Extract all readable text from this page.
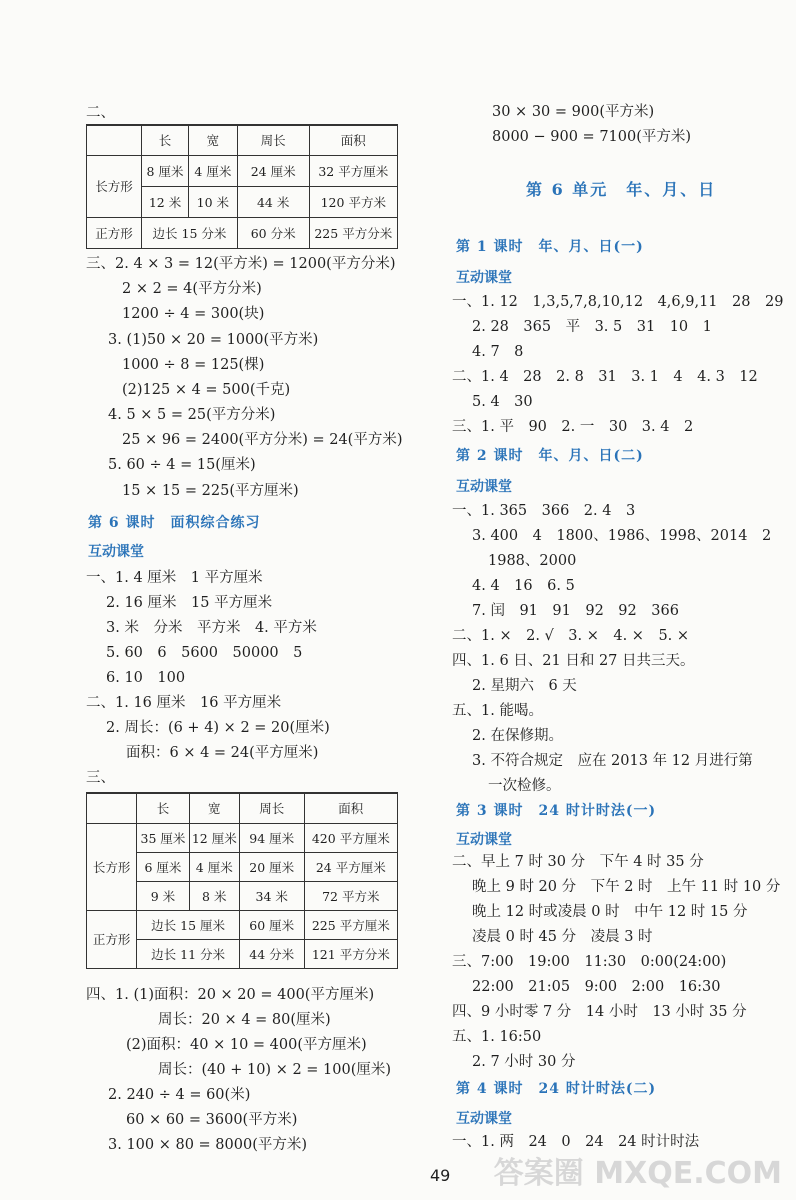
二、
	长	宽	周长	面积
长方形	8 厘米	4 厘米	24 厘米	32 平方厘米
	12 米	10 米	44 米	120 平方米
正方形	边长 15 分米		60 分米	225 平方分米
三、2. 4 × 3 = 12(平方米) = 1200(平方分米)
2 × 2 = 4(平方分米)
1200 ÷ 4 = 300(块)
3. (1)50 × 20 = 1000(平方米)
1000 ÷ 8 = 125(棵)
(2)125 × 4 = 500(千克)
4. 5 × 5 = 25(平方分米)
25 × 96 = 2400(平方分米) = 24(平方米)
5. 60 ÷ 4 = 15(厘米)
15 × 15 = 225(平方厘米)
第 6 课时　面积综合练习
互动课堂
一、1. 4 厘米　1 平方厘米
2. 16 厘米　15 平方厘米
3. 米　分米　平方米　4. 平方米
5. 60　6　5600　50000　5
6. 10　100
二、1. 16 厘米　16 平方厘米
2. 周长：(6 + 4) × 2 = 20(厘米)
面积：6 × 4 = 24(平方厘米)
三、
	长	宽	周长	面积
长方形	35 厘米	12 厘米	94 厘米	420 平方厘米
	6 厘米	4 厘米	20 厘米	24 平方厘米
	9 米	8 米	34 米	72 平方米
正方形	边长 15 厘米		60 厘米	225 平方厘米
	边长 11 分米		44 分米	121 平方分米
四、1. (1)面积：20 × 20 = 400(平方厘米)
周长：20 × 4 = 80(厘米)
(2)面积：40 × 10 = 400(平方厘米)
周长：(40 + 10) × 2 = 100(厘米)
2. 240 ÷ 4 = 60(米)
60 × 60 = 3600(平方米)
3. 100 × 80 = 8000(平方米)
30 × 30 = 900(平方米)
8000 − 900 = 7100(平方米)
第 6 单元　年、月、日
第 1 课时　年、月、日(一)
互动课堂
一、1. 12　1,3,5,7,8,10,12　4,6,9,11　28　29
2. 28　365　平　3. 5　31　10　1
4. 7　8
二、1. 4　28　2. 8　31　3. 1　4　4. 3　12
5. 4　30
三、1. 平　90　2. 一　30　3. 4　2
第 2 课时　年、月、日(二)
互动课堂
一、1. 365　366　2. 4　3
3. 400　4　1800、1986、1998、2014　2
1988、2000
4. 4　16　6. 5
7. 闰　91　91　92　92　366
二、1. ×　2. √　3. ×　4. ×　5. ×
四、1. 6 日、21 日和 27 日共三天。
2. 星期六　6 天
五、1. 能喝。
2. 在保修期。
3. 不符合规定　应在 2013 年 12 月进行第
一次检修。
第 3 课时　24 时计时法(一)
互动课堂
二、早上 7 时 30 分　下午 4 时 35 分
晚上 9 时 20 分　下午 2 时　上午 11 时 10 分
晚上 12 时或凌晨 0 时　中午 12 时 15 分
凌晨 0 时 45 分　凌晨 3 时
三、7:00　19:00　11:30　0:00(24:00)
22:00　21:05　9:00　2:00　16:30
四、9 小时零 7 分　14 小时　13 小时 35 分
五、1. 16:50
2. 7 小时 30 分
第 4 课时　24 时计时法(二)
互动课堂
一、1. 两　24　0　24　24 时计时法
49 答案圈 MXQE.COM
